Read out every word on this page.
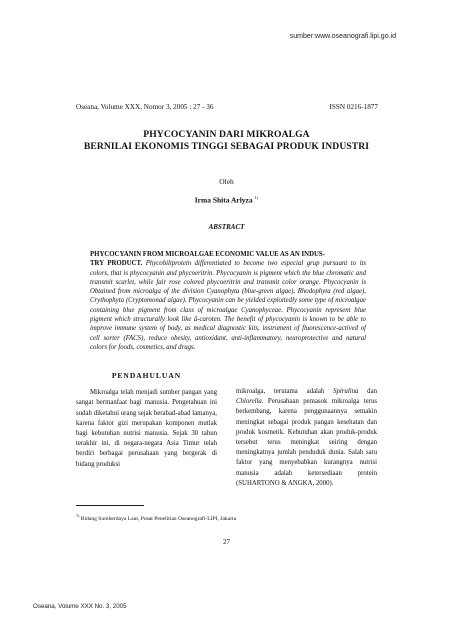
sumber:www.oseanografi.lipi.go.id
Oseana, Volume XXX, Nomor 3, 2005 : 27 - 36	ISSN 0216-1877
PHYCOCYANIN DARI MIKROALGA
BERNILAI EKONOMIS TINGGI SEBAGAI PRODUK INDUSTRI
Oleh
Irma Shita Arlyza $^{1)}$
ABSTRACT
PHYCOCYANIN FROM MICROALGAE ECONOMIC VALUE AS AN INDUS-
TRY PRODUCT. Phycobiliprotein differentiated to become two especial grup pursuant to its colors, that is phycocyanin and phycoeritrin. Phycocyanin is pigment which the blue chromatic and transmit scarlet, while fair rose colored phycoeritrin and transmit color orange. Phycocyanin is Obtained from microalga of the division Cyanophyta (blue-green algae), Rhodophyta (red algae), Crythophyta (Cryptomonad algae). Phycocyanin can be yielded exploitedly some type of microalgae containing blue pigment from class of microalgae Cyanophyceae. Phycocyanin represent blue pigment which structurally look like â-caroten. The benefit of phycocyanin is known to be able to improve immune system of body, as medical diagnostic kits, instrument of fluorescence-actived of cell sorter (FACS), reduce obesity, antioxidant, anti-inflammatory, neuroprotective and natural colors for foods, cosmetics, and drugs.
PENDAHULUAN

Mikroalga telah menjadi sumber pangan yang sangat bermanfaat bagi manusia. Pengetahuan ini sudah diketahui orang sejak berabad-abad lamanya, karena faktor gizi merupakan komponen mutlak bagi kebutuhan nutrisi manusia. Sejak 30 tahun terakhir ini, di negara-negara Asia Timur telah berdiri berbagai perusahaan yang bergerak di bidang produksi

mikroalga, terutama adalah Spirulina dan Chlorella. Perusahaan pemasok mikroalga terus berkembang, karena penggunaannya semakin meningkat sebagai produk pangan kesehatan dan produk kosmetik. Kebutuhan akan produk-produk tersebut terus meningkat seiring dengan meningkatnya jumlah penduduk dunia. Salah satu faktor yang menyebabkan kurangnya nutrisi manusia adalah ketersediaan protein (SUHARTONO & ANGKA, 2000).

$^{1)}$ Bidang Sumberdaya Laut, Pusat Penelitian Oseanografi-LIPI, Jakarta
27
Oseana, Volume XXX No. 3, 2005
